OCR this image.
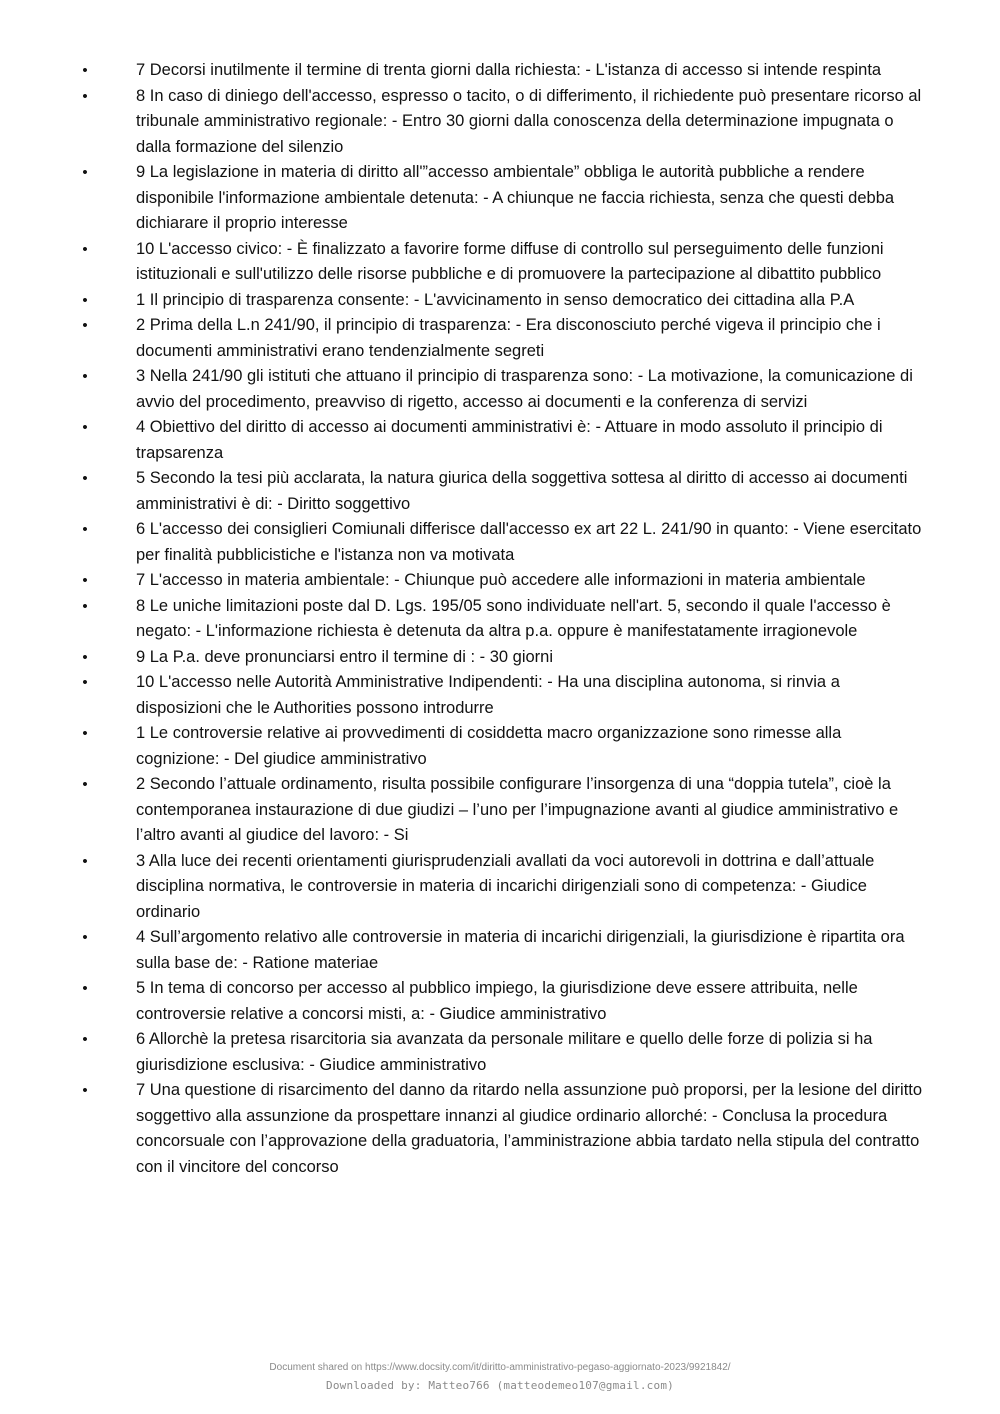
•	7 Decorsi inutilmente il termine di trenta giorni dalla richiesta: - L'istanza di accesso si intende respinta
•	8 In caso di diniego dell'accesso, espresso o tacito, o di differimento, il richiedente può presentare ricorso al tribunale amministrativo regionale: - Entro 30 giorni dalla conoscenza della determinazione impugnata o dalla formazione del silenzio
•	9 La legislazione in materia di diritto all'”accesso ambientale” obbliga le autorità pubbliche a rendere disponibile l'informazione ambientale detenuta: - A chiunque ne faccia richiesta, senza che questi debba dichiarare il proprio interesse
•	10 L'accesso civico: - È finalizzato a favorire forme diffuse di controllo sul perseguimento delle funzioni istituzionali e sull'utilizzo delle risorse pubbliche e di promuovere la partecipazione al dibattito pubblico
•	1 Il principio di trasparenza consente: - L'avvicinamento in senso democratico dei cittadina alla P.A
•	2 Prima della L.n 241/90, il principio di trasparenza: - Era disconosciuto perché vigeva il principio che i documenti amministrativi erano tendenzialmente segreti
•	3 Nella 241/90 gli istituti che attuano il principio di trasparenza sono: - La motivazione, la comunicazione di avvio del procedimento, preavviso di rigetto, accesso ai documenti e la conferenza di servizi
•	4 Obiettivo del diritto di accesso ai documenti amministrativi è: - Attuare in modo assoluto il principio di trapsarenza
•	5 Secondo la tesi più acclarata, la natura giurica della soggettiva sottesa al diritto di accesso ai documenti amministrativi è di: - Diritto soggettivo
•	6 L'accesso dei consiglieri Comiunali differisce dall'accesso ex art 22 L. 241/90 in quanto: - Viene esercitato per finalità pubblicistiche e l'istanza non va motivata
•	7 L'accesso in materia ambientale: - Chiunque può accedere alle informazioni in materia ambientale
•	8 Le uniche limitazioni poste dal D. Lgs. 195/05 sono individuate nell'art. 5, secondo il quale l'accesso è negato: - L'informazione richiesta è detenuta da altra p.a. oppure è manifestatamente irragionevole
•	9 La P.a. deve pronunciarsi entro il termine di : - 30 giorni
•	10 L'accesso nelle Autorità Amministrative Indipendenti: - Ha una disciplina autonoma, si rinvia a disposizioni che le Authorities possono introdurre
•	1 Le controversie relative ai provvedimenti di cosiddetta macro organizzazione sono rimesse alla cognizione: - Del giudice amministrativo
•	2 Secondo l’attuale ordinamento, risulta possibile configurare l’insorgenza di una “doppia tutela”, cioè la contemporanea instaurazione di due giudizi – l’uno per l’impugnazione avanti al giudice amministrativo e l’altro avanti al giudice del lavoro: - Si
•	3 Alla luce dei recenti orientamenti giurisprudenziali avallati da voci autorevoli in dottrina e dall’attuale disciplina normativa, le controversie in materia di incarichi dirigenziali sono di competenza: - Giudice ordinario
•	4 Sull’argomento relativo alle controversie in materia di incarichi dirigenziali, la giurisdizione è ripartita ora sulla base de: - Ratione materiae
•	5 In tema di concorso per accesso al pubblico impiego, la giurisdizione deve essere attribuita, nelle controversie relative a concorsi misti, a: - Giudice amministrativo
•	6 Allorchè la pretesa risarcitoria sia avanzata da personale militare e quello delle forze di polizia si ha giurisdizione esclusiva: - Giudice amministrativo
•	7 Una questione di risarcimento del danno da ritardo nella assunzione può proporsi, per la lesione del diritto soggettivo alla assunzione da prospettare innanzi al giudice ordinario allorché: - Conclusa la procedura concorsuale con l’approvazione della graduatoria, l’amministrazione abbia tardato nella stipula del contratto con il vincitore del concorso
Document shared on https://www.docsity.com/it/diritto-amministrativo-pegaso-aggiornato-2023/9921842/
Downloaded by: Matteo766 (matteodemeo107@gmail.com)
